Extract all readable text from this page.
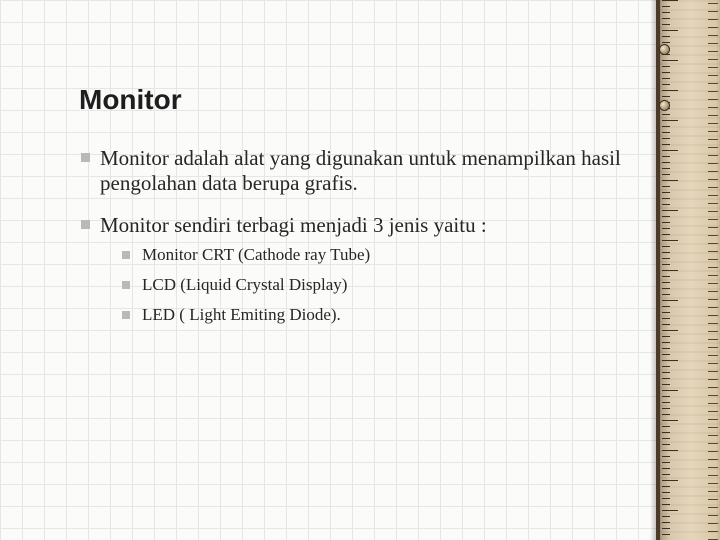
Monitor
Monitor adalah alat yang digunakan untuk menampilkan hasil pengolahan data berupa grafis.
Monitor sendiri terbagi menjadi 3 jenis yaitu :
Monitor CRT (Cathode ray Tube)
LCD (Liquid Crystal Display)
LED ( Light Emiting Diode).
